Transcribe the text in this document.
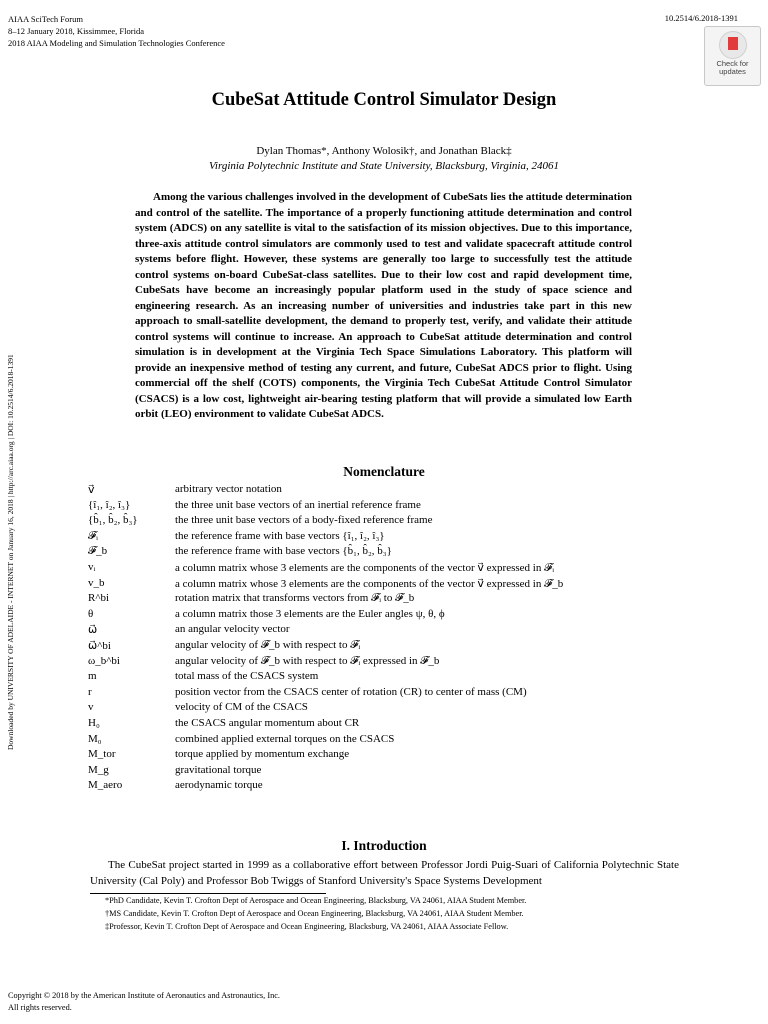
AIAA SciTech Forum
8–12 January 2018, Kissimmee, Florida
2018 AIAA Modeling and Simulation Technologies Conference
10.2514/6.2018-1391
Check for
updates
Downloaded by UNIVERSITY OF ADELAIDE - INTERNET on January 16, 2018 | http://arc.aiaa.org | DOI: 10.2514/6.2018-1391
CubeSat Attitude Control Simulator Design
Dylan Thomas*, Anthony Wolosik†, and Jonathan Black‡
Virginia Polytechnic Institute and State University, Blacksburg, Virginia, 24061

Among the various challenges involved in the development of CubeSats lies the attitude determination and control of the satellite. The importance of a properly functioning attitude determination and control system (ADCS) on any satellite is vital to the satisfaction of its mission objectives. Due to this importance, three-axis attitude control simulators are commonly used to test and validate spacecraft attitude control systems before flight. However, these systems are generally too large to successfully test the attitude control systems on-board CubeSat-class satellites. Due to their low cost and rapid development time, CubeSats have become an increasingly popular platform used in the study of space science and engineering research. As an increasing number of universities and industries take part in this new approach to small-satellite development, the demand to properly test, verify, and validate their attitude control systems will continue to increase. An approach to CubeSat attitude determination and control simulation is in development at the Virginia Tech Space Simulations Laboratory. This platform will provide an inexpensive method of testing any current, and future, CubeSat ADCS prior to flight. Using commercial off the shelf (COTS) components, the Virginia Tech CubeSat Attitude Control Simulator (CSACS) is a low cost, lightweight air-bearing testing platform that will provide a simulated low Earth orbit (LEO) environment to validate CubeSat ADCS.

Nomenclature
v⃗	arbitrary vector notation
{î₁, î₂, î₃}	the three unit base vectors of an inertial reference frame
{b̂₁, b̂₂, b̂₃}	the three unit base vectors of a body-fixed reference frame
𝓕ᵢ	the reference frame with base vectors {î₁, î₂, î₃}
𝓕_b	the reference frame with base vectors {b̂₁, b̂₂, b̂₃}
vᵢ	a column matrix whose 3 elements are the components of the vector v⃗ expressed in 𝓕ᵢ
v_b	a column matrix whose 3 elements are the components of the vector v⃗ expressed in 𝓕_b
R^bi	rotation matrix that transforms vectors from 𝓕ᵢ to 𝓕_b
θ	a column matrix those 3 elements are the Euler angles ψ, θ, ϕ
ω⃗	an angular velocity vector
ω⃗^bi	angular velocity of 𝓕_b with respect to 𝓕ᵢ
ω_b^bi	angular velocity of 𝓕_b with respect to 𝓕ᵢ expressed in 𝓕_b
m	total mass of the CSACS system
r	position vector from the CSACS center of rotation (CR) to center of mass (CM)
v	velocity of CM of the CSACS
H₀	the CSACS angular momentum about CR
M₀	combined applied external torques on the CSACS
M_tor	torque applied by momentum exchange
M_g	gravitational torque
M_aero	aerodynamic torque
I. Introduction

The CubeSat project started in 1999 as a collaborative effort between Professor Jordi Puig-Suari of California Polytechnic State University (Cal Poly) and Professor Bob Twiggs of Stanford University's Space Systems Development

*PhD Candidate, Kevin T. Crofton Dept of Aerospace and Ocean Engineering, Blacksburg, VA 24061, AIAA Student Member.
†MS Candidate, Kevin T. Crofton Dept of Aerospace and Ocean Engineering, Blacksburg, VA 24061, AIAA Student Member.
‡Professor, Kevin T. Crofton Dept of Aerospace and Ocean Engineering, Blacksburg, VA 24061, AIAA Associate Fellow.
Copyright © 2018 by the American Institute of Aeronautics and Astronautics, Inc.
All rights reserved.
